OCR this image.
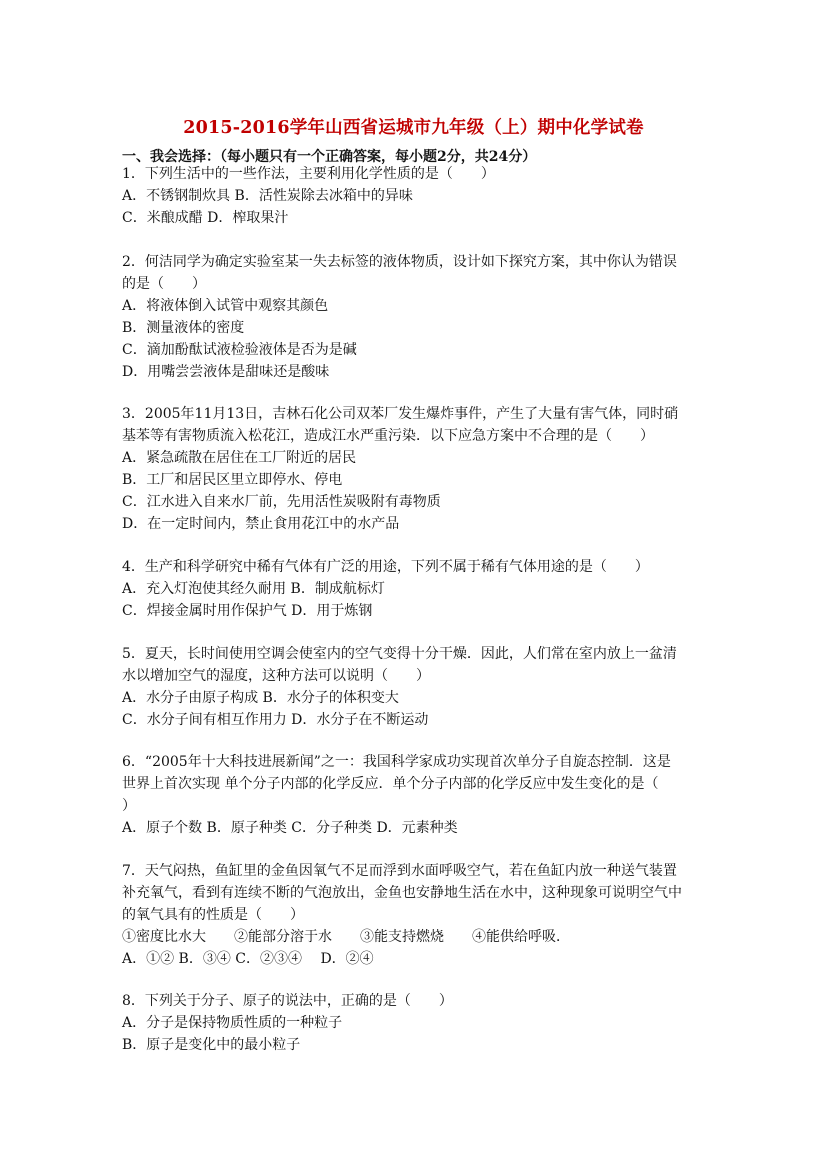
2015-2016学年山西省运城市九年级（上）期中化学试卷
一、我会选择：（每小题只有一个正确答案，每小题2分，共24分）
1．下列生活中的一些作法，主要利用化学性质的是（　　）
A．不锈钢制炊具 B．活性炭除去冰箱中的异味
C．米酿成醋 D．榨取果汁
2．何洁同学为确定实验室某一失去标签的液体物质，设计如下探究方案，其中你认为错误
的是（　　）
A．将液体倒入试管中观察其颜色
B．测量液体的密度
C．滴加酚酞试液检验液体是否为是碱
D．用嘴尝尝液体是甜味还是酸味
3．2005年11月13日，吉林石化公司双苯厂发生爆炸事件，产生了大量有害气体，同时硝
基苯等有害物质流入松花江，造成江水严重污染．以下应急方案中不合理的是（　　）
A．紧急疏散在居住在工厂附近的居民
B．工厂和居民区里立即停水、停电
C．江水进入自来水厂前，先用活性炭吸附有毒物质
D．在一定时间内，禁止食用花江中的水产品
4．生产和科学研究中稀有气体有广泛的用途，下列不属于稀有气体用途的是（　　）
A．充入灯泡使其经久耐用 B．制成航标灯
C．焊接金属时用作保护气 D．用于炼钢
5．夏天，长时间使用空调会使室内的空气变得十分干燥．因此，人们常在室内放上一盆清
水以增加空气的湿度，这种方法可以说明（　　）
A．水分子由原子构成 B．水分子的体积变大
C．水分子间有相互作用力 D．水分子在不断运动
6．“2005年十大科技进展新闻”之一：我国科学家成功实现首次单分子自旋态控制．这是
世界上首次实现 单个分子内部的化学反应．单个分子内部的化学反应中发生变化的是（
）
A．原子个数 B．原子种类 C．分子种类 D．元素种类
7．天气闷热，鱼缸里的金鱼因氧气不足而浮到水面呼吸空气，若在鱼缸内放一种送气装置
补充氧气，看到有连续不断的气泡放出，金鱼也安静地生活在水中，这种现象可说明空气中
的氧气具有的性质是（　　）
①密度比水大　　②能部分溶于水　　③能支持燃烧　　④能供给呼吸．
A．①② B．③④ C．②③④　 D．②④
8．下列关于分子、原子的说法中，正确的是（　　）
A．分子是保持物质性质的一种粒子
B．原子是变化中的最小粒子
